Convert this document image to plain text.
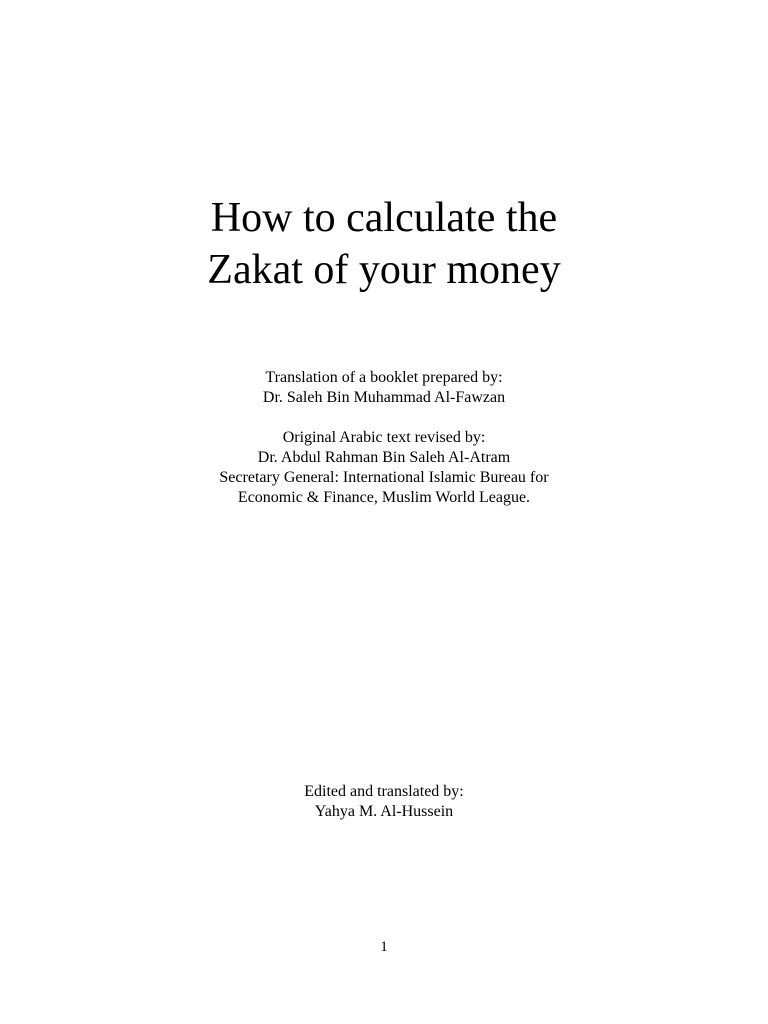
How to calculate the
Zakat of your money
Translation of a booklet prepared by:
Dr. Saleh Bin Muhammad Al-Fawzan
Original Arabic text revised by:
Dr. Abdul Rahman Bin Saleh Al-Atram
Secretary General: International Islamic Bureau for
Economic & Finance, Muslim World League.
Edited and translated by:
Yahya M. Al-Hussein
1
